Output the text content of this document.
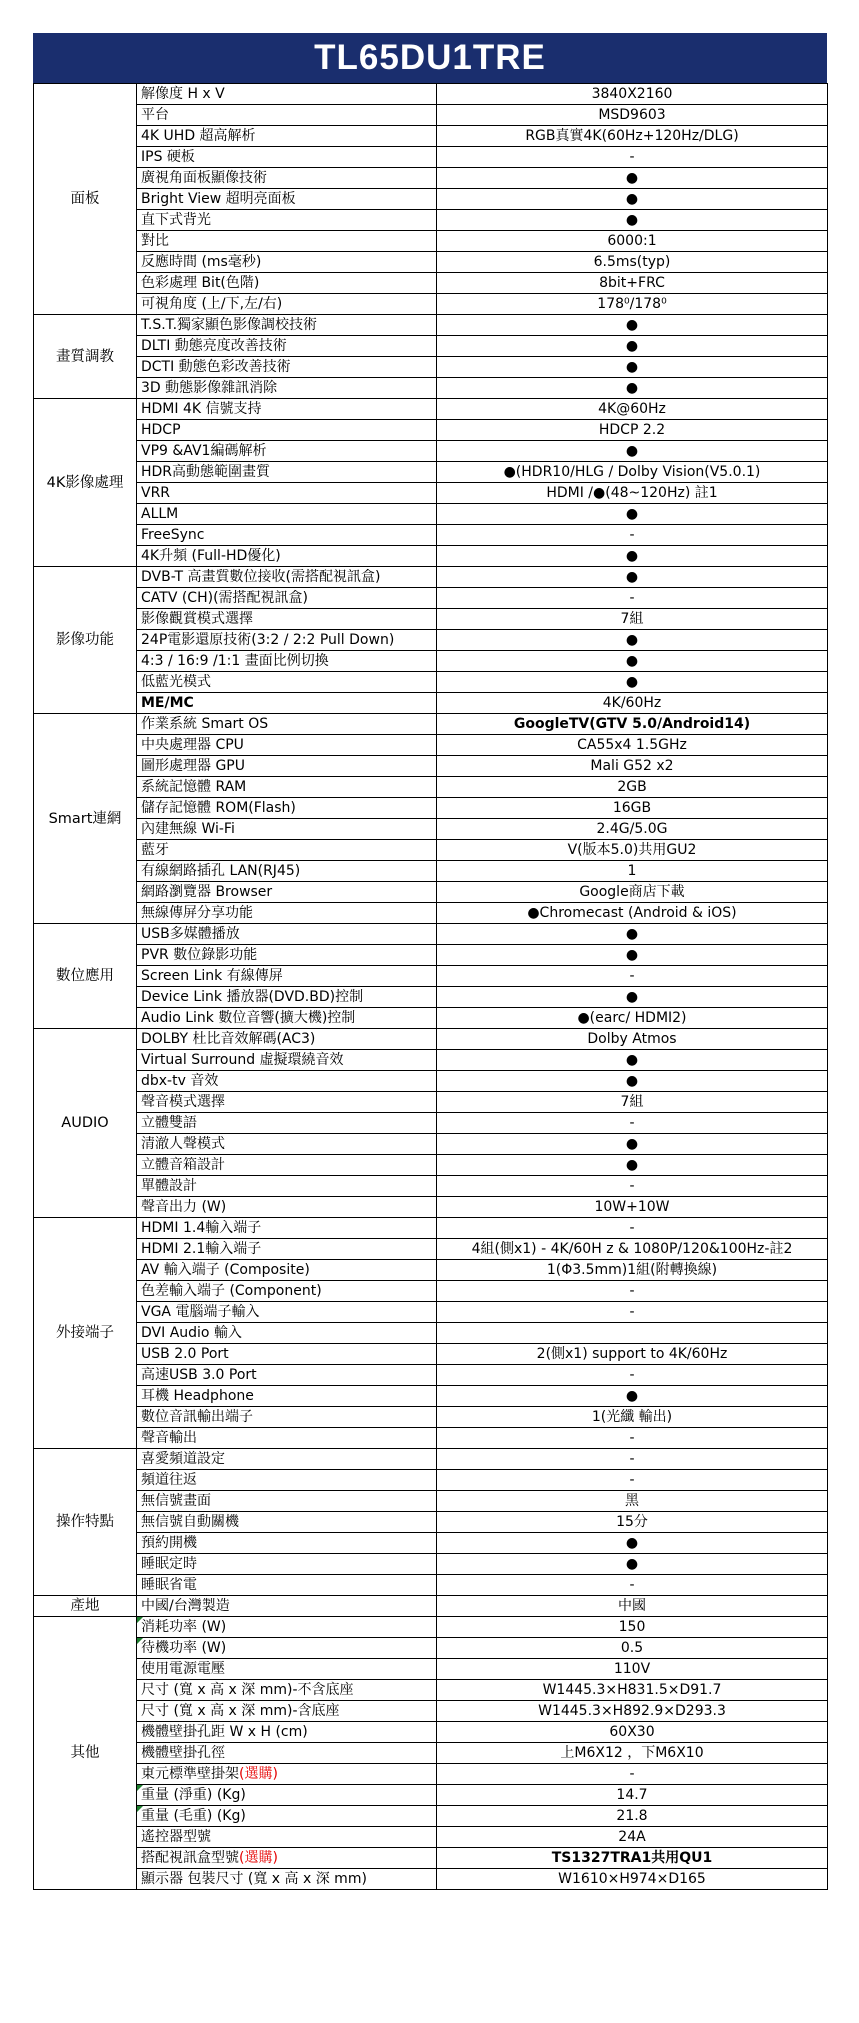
TL65DU1TRE
面板	解像度 H x V	3840X2160
	平台	MSD9603
	4K UHD 超高解析	RGB真實4K(60Hz+120Hz/DLG)
	IPS 硬板	-
	廣視角面板顯像技術	●
	Bright View 超明亮面板	●
	直下式背光	●
	對比	6000:1
	反應時間 (ms毫秒)	6.5ms(typ)
	色彩處理 Bit(色階)	8bit+FRC
	可視角度 (上/下,左/右)	178⁰/178⁰
畫質調教	T.S.T.獨家顯色影像調校技術	●
	DLTI 動態亮度改善技術	●
	DCTI 動態色彩改善技術	●
	3D 動態影像雜訊消除	●
4K影像處理	HDMI 4K 信號支持	4K@60Hz
	HDCP	HDCP 2.2
	VP9 &AV1編碼解析	●
	HDR高動態範圍畫質	●(HDR10/HLG / Dolby Vision(V5.0.1)
	VRR	HDMI /●(48~120Hz) 註1
	ALLM	●
	FreeSync	-
	4K升頻 (Full-HD優化)	●
影像功能	DVB-T 高畫質數位接收(需搭配視訊盒)	●
	CATV (CH)(需搭配視訊盒)	-
	影像觀賞模式選擇	7組
	24P電影還原技術(3:2 / 2:2 Pull Down)	●
	4:3 / 16:9 /1:1 畫面比例切換	●
	低藍光模式	●
	ME/MC	4K/60Hz
Smart連網	作業系統 Smart OS	GoogleTV(GTV 5.0/Android14)
	中央處理器 CPU	CA55x4 1.5GHz
	圖形處理器 GPU	Mali G52 x2
	系統記憶體 RAM	2GB
	儲存記憶體 ROM(Flash)	16GB
	內建無線 Wi-Fi	2.4G/5.0G
	藍牙	V(版本5.0)共用GU2
	有線網路插孔 LAN(RJ45)	1
	網路瀏覽器 Browser	Google商店下載
	無線傳屏分享功能	●Chromecast (Android & iOS)
數位應用	USB多媒體播放	●
	PVR 數位錄影功能	●
	Screen Link 有線傳屏	-
	Device Link 播放器(DVD.BD)控制	●
	Audio Link 數位音響(擴大機)控制	●(earc/ HDMI2)
AUDIO	DOLBY 杜比音效解碼(AC3)	Dolby Atmos
	Virtual Surround 虛擬環繞音效	●
	dbx-tv 音效	●
	聲音模式選擇	7組
	立體雙語	-
	清澈人聲模式	●
	立體音箱設計	●
	單體設計	-
	聲音出力 (W)	10W+10W
外接端子	HDMI 1.4輸入端子	-
	HDMI 2.1輸入端子	4組(側x1) - 4K/60H z & 1080P/120&100Hz-註2
	AV 輸入端子 (Composite)	1(Φ3.5mm)1組(附轉換線)
	色差輸入端子 (Component)	-
	VGA 電腦端子輸入	-
	DVI Audio 輸入	
	USB 2.0 Port	2(側x1) support to 4K/60Hz
	高速USB 3.0 Port	-
	耳機 Headphone	●
	數位音訊輸出端子	1(光纖 輸出)
	聲音輸出	-
操作特點	喜愛頻道設定	-
	頻道往返	-
	無信號畫面	黑
	無信號自動關機	15分
	預約開機	●
	睡眠定時	●
	睡眠省電	-
產地	中國/台灣製造	中國
其他	消耗功率 (W)	150
	待機功率 (W)	0.5
	使用電源電壓	110V
	尺寸 (寬 x 高 x 深 mm)-不含底座	W1445.3×H831.5×D91.7
	尺寸 (寬 x 高 x 深 mm)-含底座	W1445.3×H892.9×D293.3
	機體壁掛孔距 W x H (cm)	60X30
	機體壁掛孔徑	上M6X12 ，下M6X10
	東元標準壁掛架(選購)	-
	重量 (淨重) (Kg)	14.7
	重量 (毛重) (Kg)	21.8
	遙控器型號	24A
	搭配視訊盒型號(選購)	TS1327TRA1共用QU1
	顯示器 包裝尺寸 (寬 x 高 x 深 mm)	W1610×H974×D165
